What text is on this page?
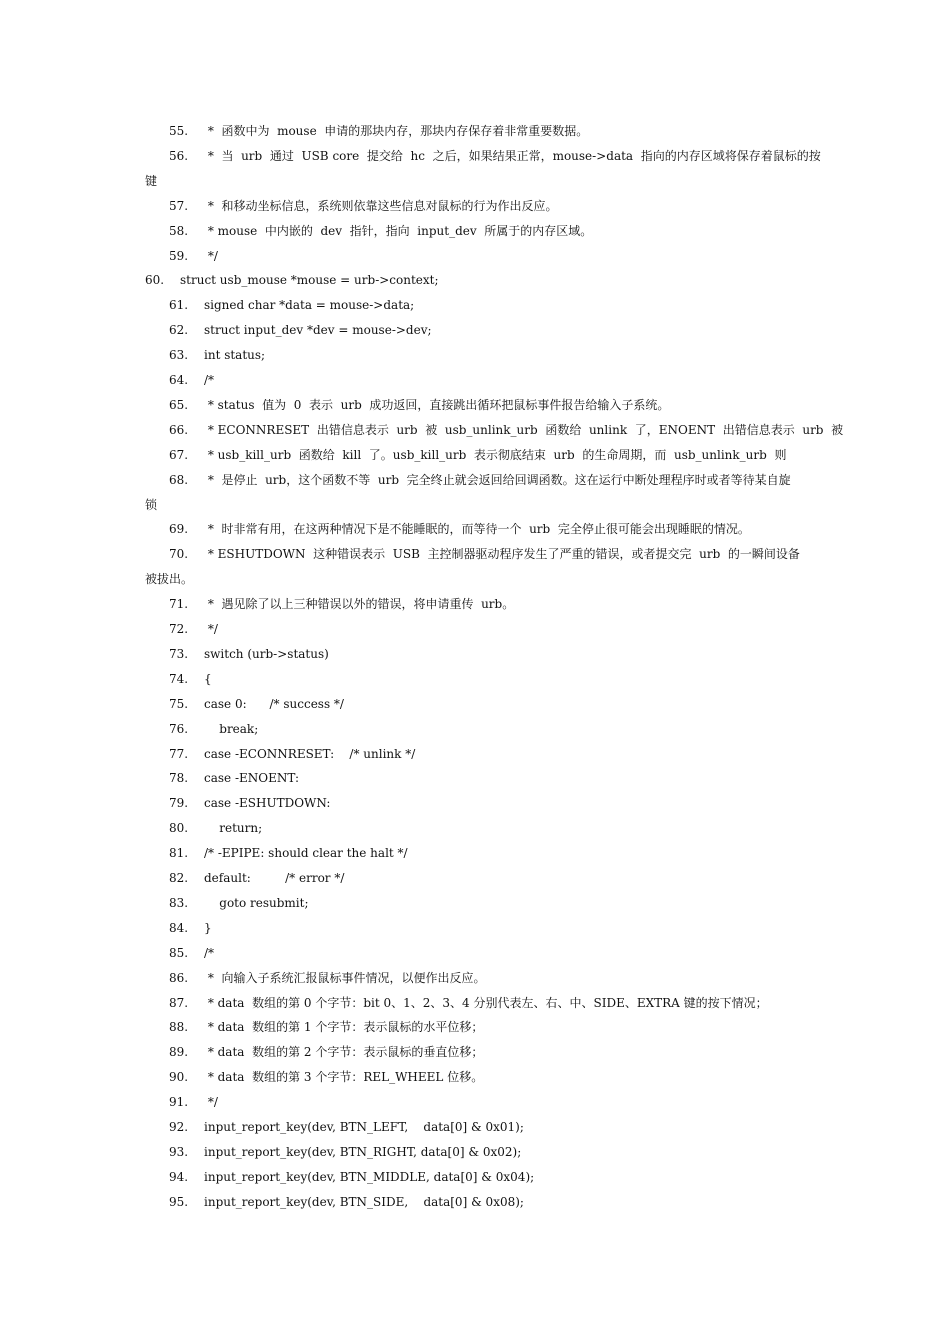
55.	*  函数中为  mouse  申请的那块内存，那块内存保存着非常重要数据。
56.	*  当  urb  通过  USB core  提交给  hc  之后，如果结果正常，mouse->data  指向的内存区域将保存着鼠标的按
键
57.	*  和移动坐标信息，系统则依靠这些信息对鼠标的行为作出反应。
58.	* mouse  中内嵌的  dev  指针，指向  input_dev  所属于的内存区域。
59.	*/
60.	struct usb_mouse *mouse = urb->context;
61.	signed char *data = mouse->data;
62.	struct input_dev *dev = mouse->dev;
63.	int status;
64.	/*
65.	* status  值为  0  表示  urb  成功返回，直接跳出循环把鼠标事件报告给输入子系统。
66.	* ECONNRESET  出错信息表示  urb  被  usb_unlink_urb  函数给  unlink  了，ENOENT  出错信息表示  urb  被
67.	* usb_kill_urb  函数给  kill  了。usb_kill_urb  表示彻底结束  urb  的生命周期，而  usb_unlink_urb  则
68.	*  是停止  urb，这个函数不等  urb  完全终止就会返回给回调函数。这在运行中断处理程序时或者等待某自旋
锁
69.	*  时非常有用，在这两种情况下是不能睡眠的，而等待一个  urb  完全停止很可能会出现睡眠的情况。
70.	* ESHUTDOWN  这种错误表示  USB  主控制器驱动程序发生了严重的错误，或者提交完  urb  的一瞬间设备
被拔出。
71.	*  遇见除了以上三种错误以外的错误，将申请重传  urb。
72.	*/
73.	switch (urb->status)
74.	{
75.	case 0:      /* success */
76.	break;
77.	case -ECONNRESET:    /* unlink */
78.	case -ENOENT:
79.	case -ESHUTDOWN:
80.	return;
81.	/* -EPIPE: should clear the halt */
82.	default:         /* error */
83.	goto resubmit;
84.	}
85.	/*
86.	*  向输入子系统汇报鼠标事件情况，以便作出反应。
87.	* data  数组的第 0 个字节：bit 0、1、2、3、4 分别代表左、右、中、SIDE、EXTRA 键的按下情况；
88.	* data  数组的第 1 个字节：表示鼠标的水平位移；
89.	* data  数组的第 2 个字节：表示鼠标的垂直位移；
90.	* data  数组的第 3 个字节：REL_WHEEL 位移。
91.	*/
92.	input_report_key(dev, BTN_LEFT,    data[0] & 0x01);
93.	input_report_key(dev, BTN_RIGHT, data[0] & 0x02);
94.	input_report_key(dev, BTN_MIDDLE, data[0] & 0x04);
95.	input_report_key(dev, BTN_SIDE,    data[0] & 0x08);
